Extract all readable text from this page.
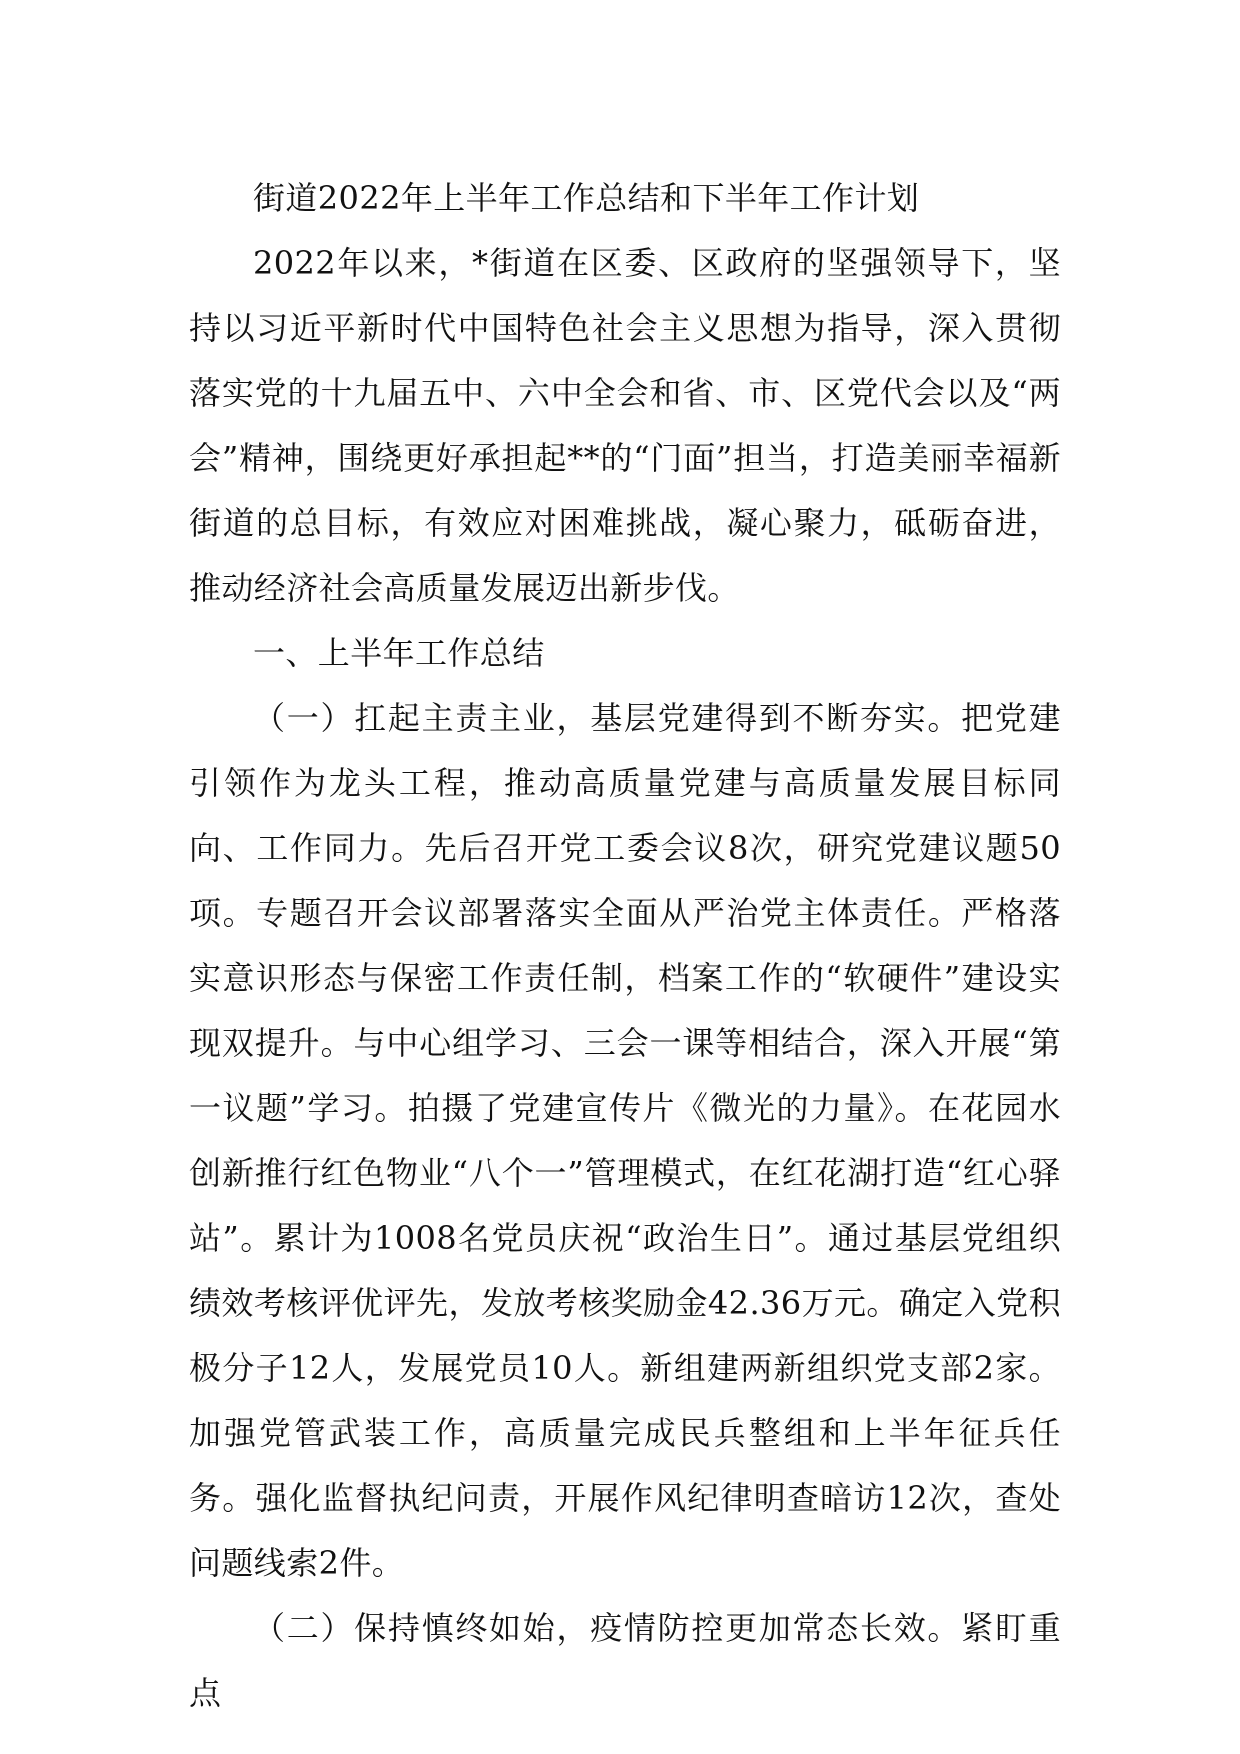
街道2022年上半年工作总结和下半年工作计划

2022年以来，*街道在区委、区政府的坚强领导下，坚持以习近平新时代中国特色社会主义思想为指导，深入贯彻落实党的十九届五中、六中全会和省、市、区党代会以及“两会”精神，围绕更好承担起**的“门面”担当，打造美丽幸福新街道的总目标，有效应对困难挑战，凝心聚力，砥砺奋进，推动经济社会高质量发展迈出新步伐。

一、上半年工作总结

（一）扛起主责主业，基层党建得到不断夯实。把党建引领作为龙头工程，推动高质量党建与高质量发展目标同向、工作同力。先后召开党工委会议8次，研究党建议题50项。专题召开会议部署落实全面从严治党主体责任。严格落实意识形态与保密工作责任制，档案工作的“软硬件”建设实现双提升。与中心组学习、三会一课等相结合，深入开展“第一议题”学习。拍摄了党建宣传片《微光的力量》。在花园水创新推行红色物业“八个一”管理模式，在红花湖打造“红心驿站”。累计为1008名党员庆祝“政治生日”。通过基层党组织绩效考核评优评先，发放考核奖励金42.36万元。确定入党积极分子12人，发展党员10人。新组建两新组织党支部2家。加强党管武装工作，高质量完成民兵整组和上半年征兵任务。强化监督执纪问责，开展作风纪律明查暗访12次，查处问题线索2件。

（二）保持慎终如始，疫情防控更加常态长效。紧盯重点
